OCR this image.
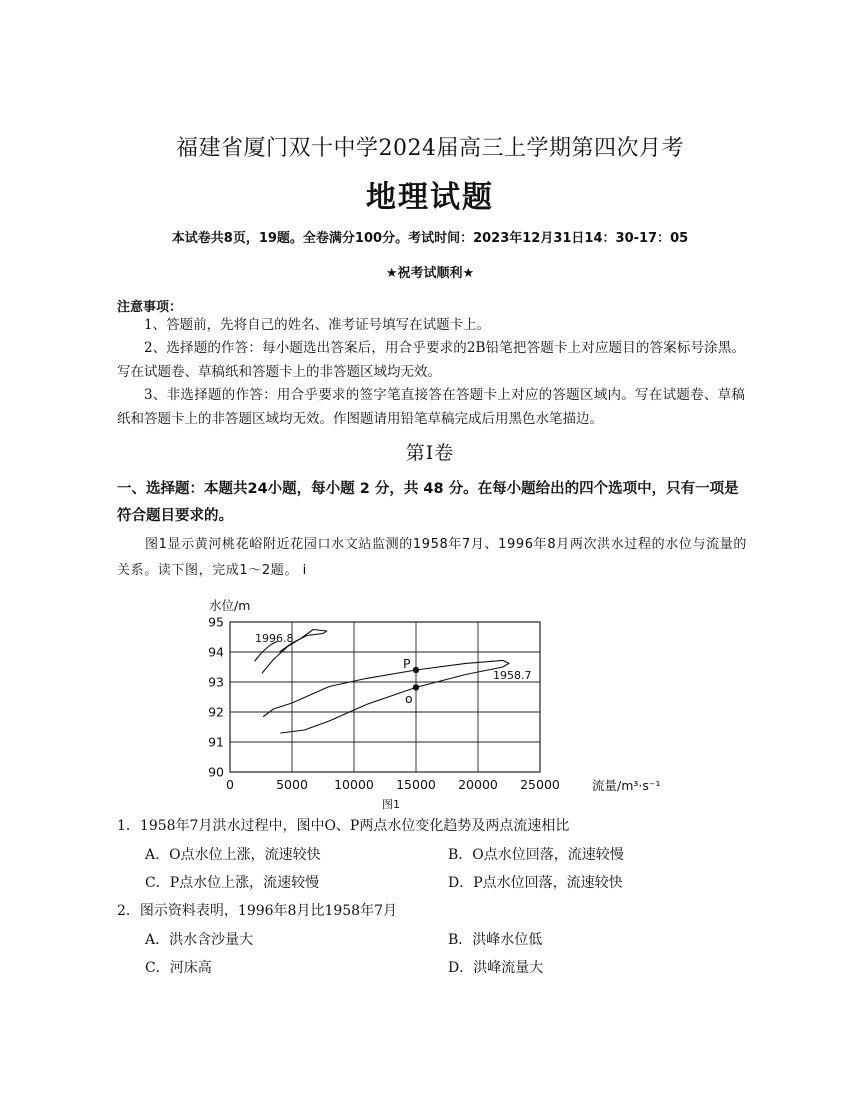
福建省厦门双十中学2024届高三上学期第四次月考
地理试题
本试卷共8页，19题。全卷满分100分。考试时间：2023年12月31日14：30-17：05
★祝考试顺利★
注意事项：
1、答题前，先将自己的姓名、准考证号填写在试题卡上。
2、选择题的作答：每小题选出答案后，用合乎要求的2B铅笔把答题卡上对应题目的答案标号涂黑。写在试题卷、草稿纸和答题卡上的非答题区域均无效。
3、非选择题的作答：用合乎要求的签字笔直接答在答题卡上对应的答题区域内。写在试题卷、草稿纸和答题卡上的非答题区域均无效。作图题请用铅笔草稿完成后用黑色水笔描边。
第I卷
一、选择题：本题共24小题，每小题 2 分，共 48 分。在每小题给出的四个选项中，只有一项是符合题目要求的。
图1显示黄河桃花峪附近花园口水文站监测的1958年7月、1996年8月两次洪水过程的水位与流量的关系。读下图，完成1～2题。 i
0	5000 10000 15000 20000 25000
90
91
92
93
94
95
水位/m
流量/m³·s⁻¹
1996.8
1958.7
P
o
图1
1．1958年7月洪水过程中，图中O、P两点水位变化趋势及两点流速相比
A．O点水位上涨，流速较快	B．O点水位回落，流速较慢
C．P点水位上涨，流速较慢	D．P点水位回落，流速较快
2．图示资料表明，1996年8月比1958年7月
A．洪水含沙量大	B．洪峰水位低
C．河床高	D．洪峰流量大
